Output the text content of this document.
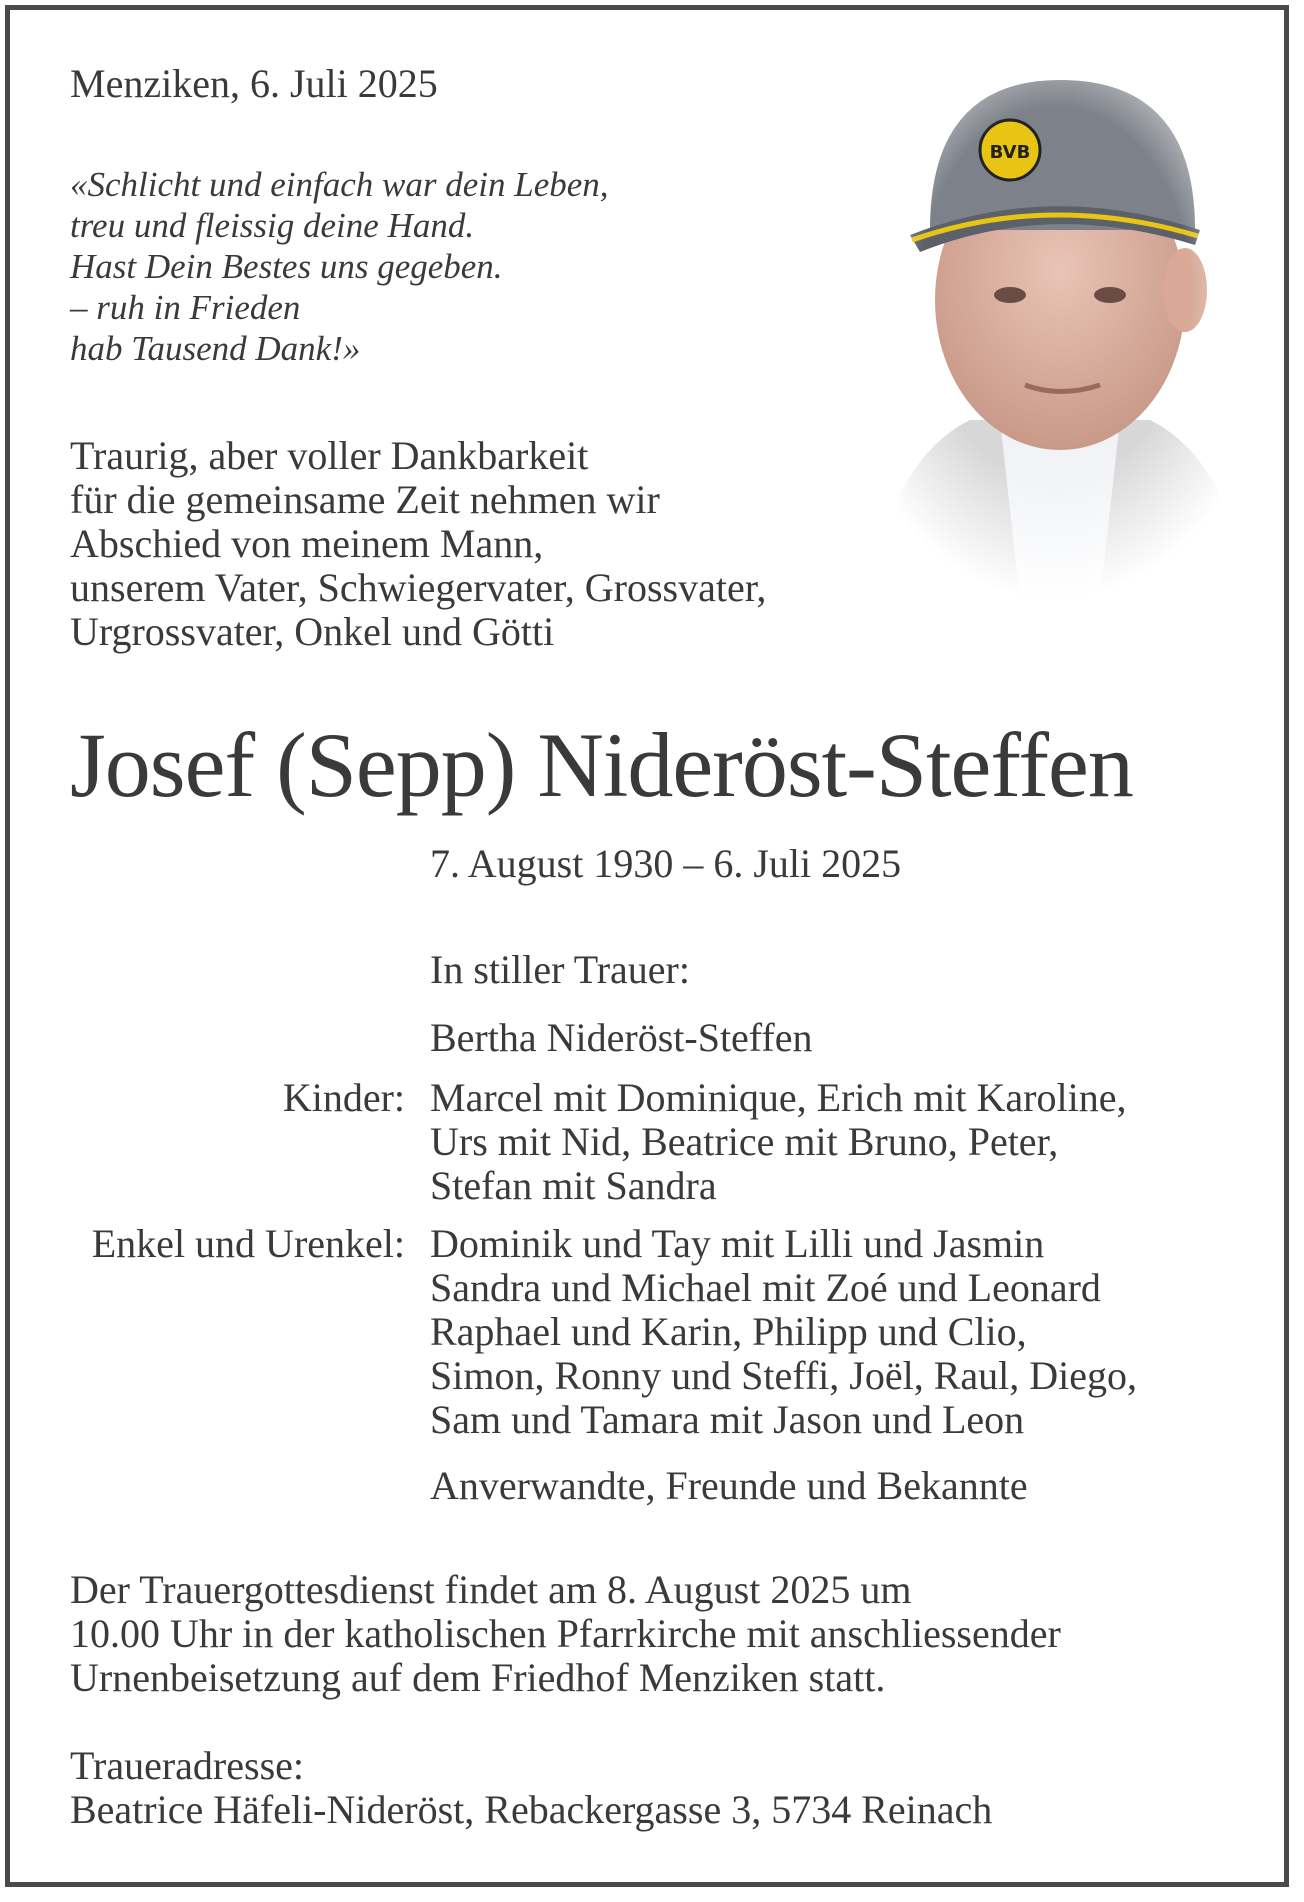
Menziken, 6. Juli 2025
«Schlicht und einfach war dein Leben,
treu und fleissig deine Hand.
Hast Dein Bestes uns gegeben.
– ruh in Frieden
hab Tausend Dank!»
Traurig, aber voller Dankbarkeit
für die gemeinsame Zeit nehmen wir
Abschied von meinem Mann,
unserem Vater, Schwiegervater, Grossvater,
Urgrossvater, Onkel und Götti
Josef (Sepp) Nideröst-Steffen
7. August 1930 – 6. Juli 2025
In stiller Trauer:
Bertha Nideröst-Steffen
Kinder: Marcel mit Dominique, Erich mit Karoline,
Urs mit Nid, Beatrice mit Bruno, Peter,
Stefan mit Sandra
Enkel und Urenkel: Dominik und Tay mit Lilli und Jasmin
Sandra und Michael mit Zoé und Leonard
Raphael und Karin, Philipp und Clio,
Simon, Ronny und Steffi, Joël, Raul, Diego,
Sam und Tamara mit Jason und Leon
Anverwandte, Freunde und Bekannte
Der Trauergottesdienst findet am 8. August 2025 um
10.00 Uhr in der katholischen Pfarrkirche mit anschliessender
Urnenbeisetzung auf dem Friedhof Menziken statt.
Traueradresse:
Beatrice Häfeli-Nideröst, Rebackergasse 3, 5734 Reinach
